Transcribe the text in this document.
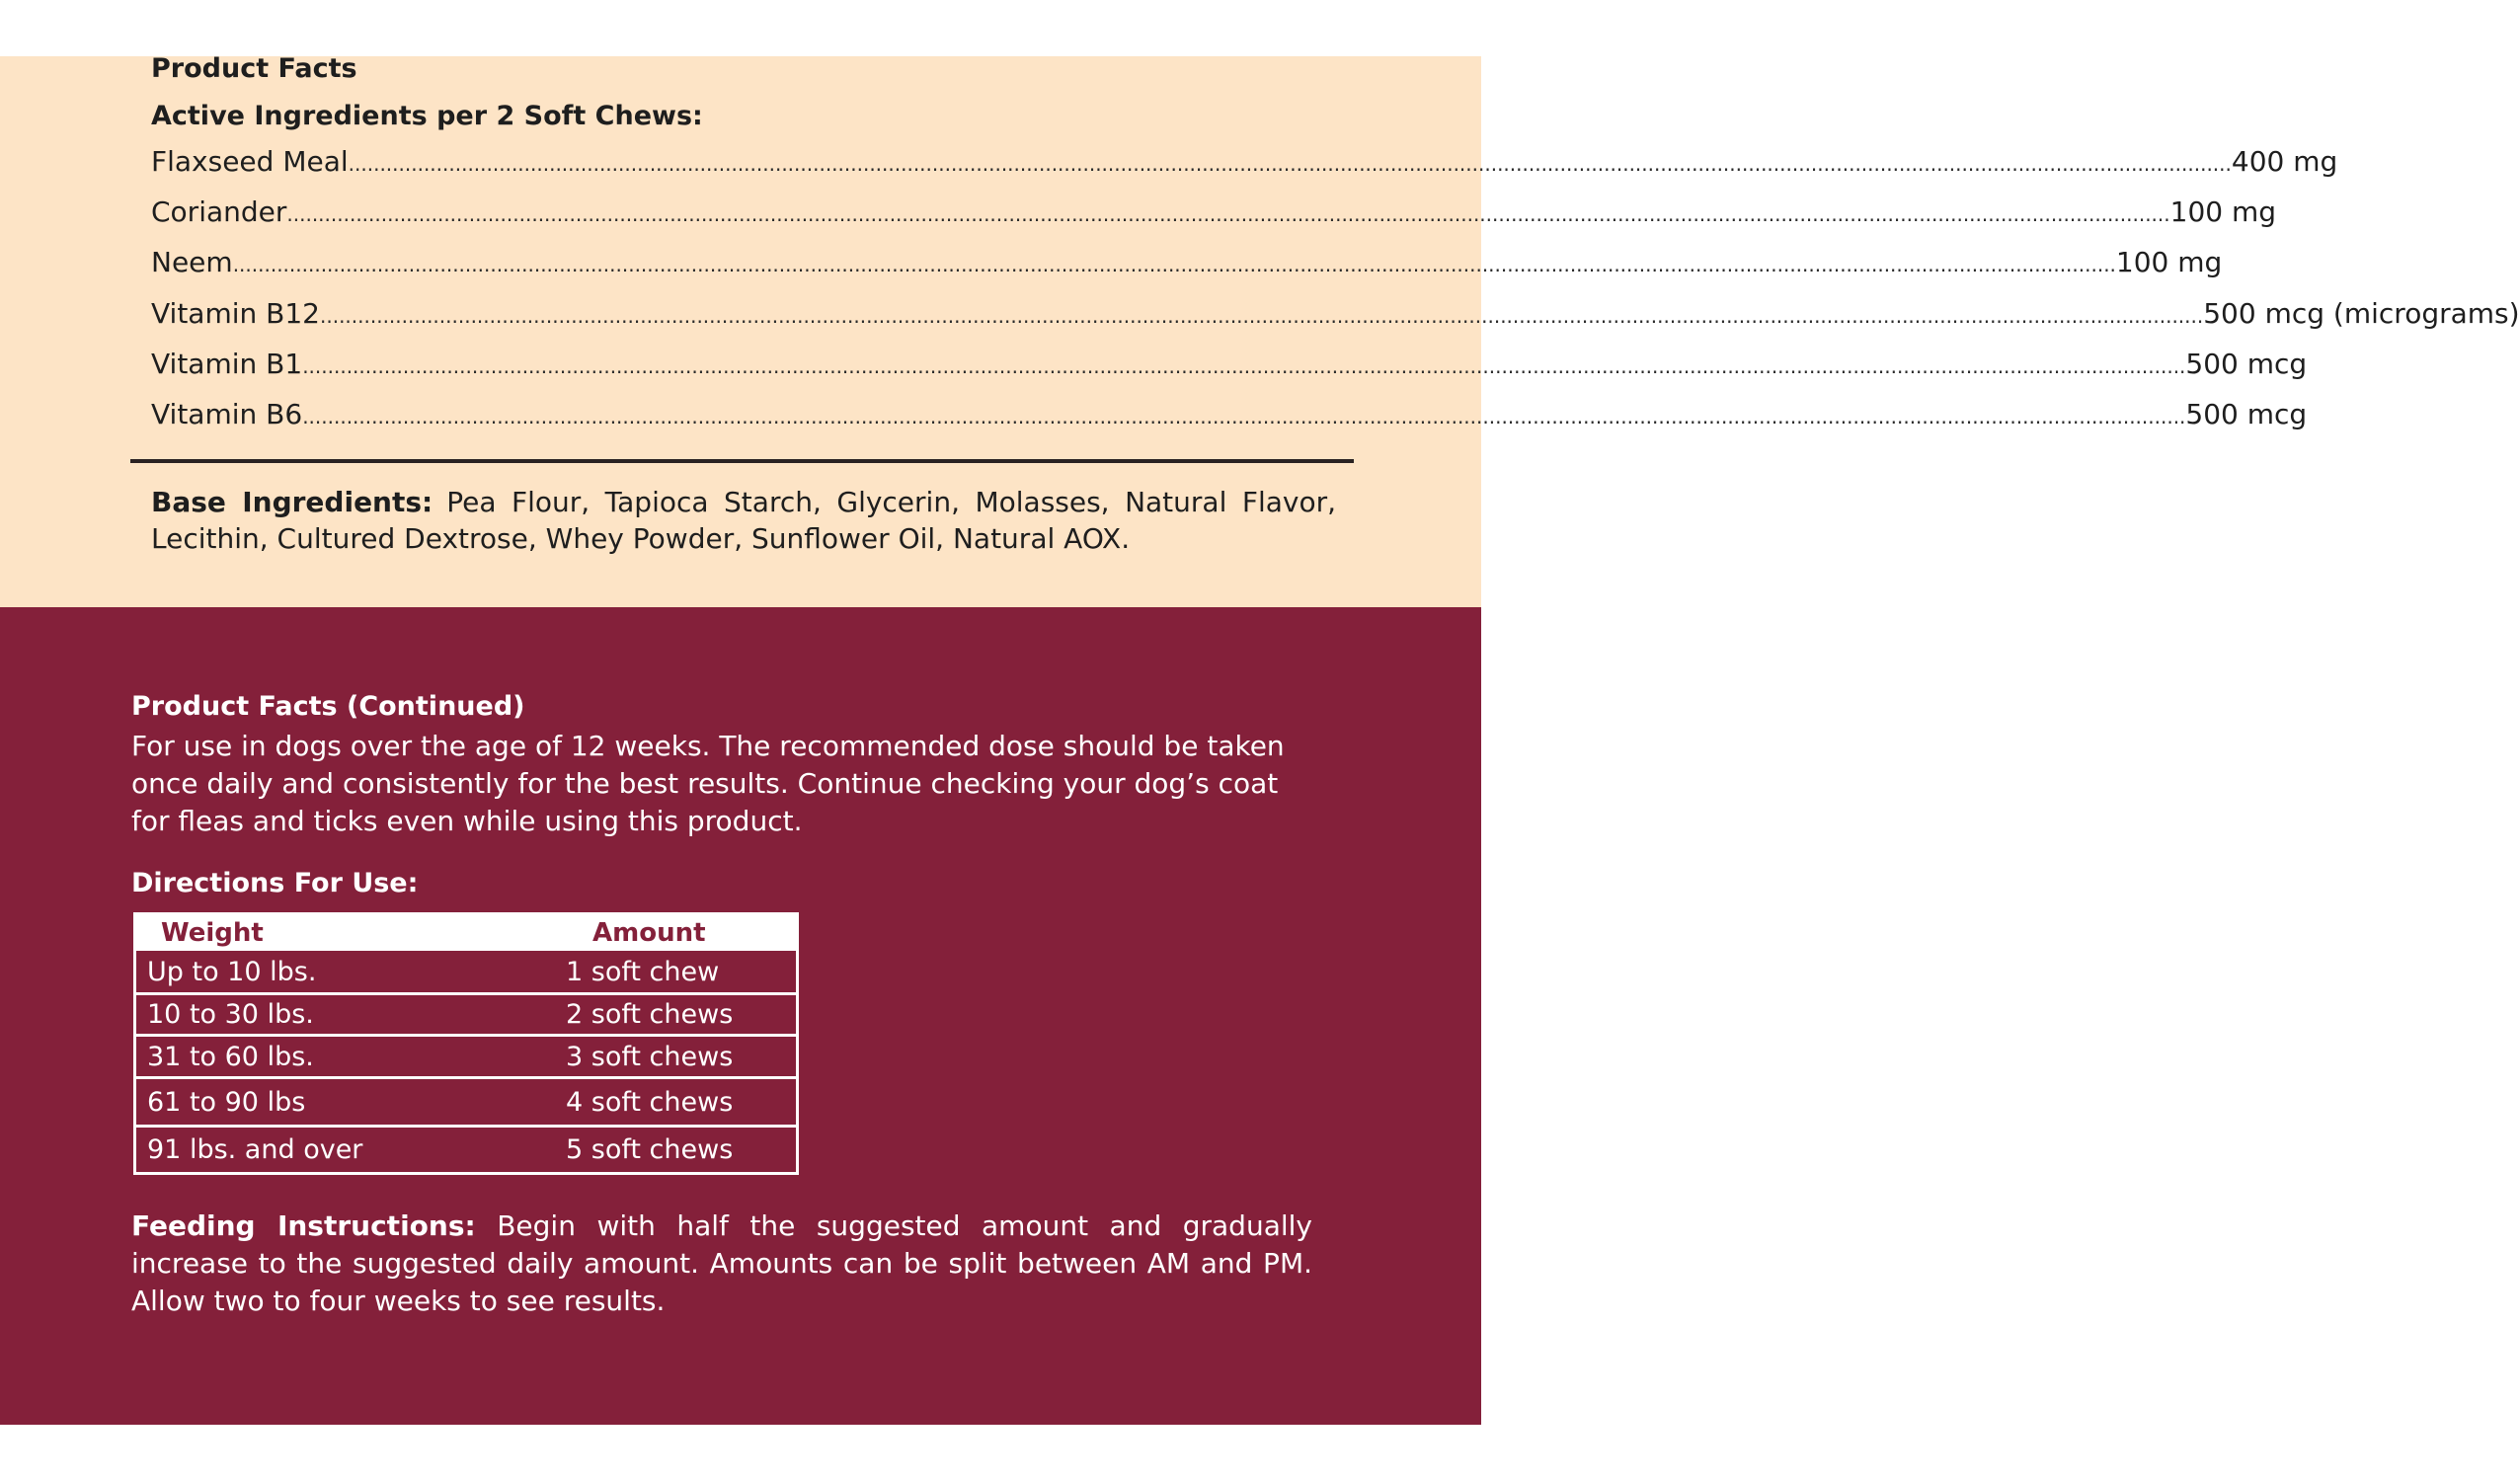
Product Facts
Active Ingredients per 2 Soft Chews:
Flaxseed Meal ............................................................................................................................................................................................................................................................................................................ 400 mg
Coriander ............................................................................................................................................................................................................................................................................................................ 100 mg
Neem ............................................................................................................................................................................................................................................................................................................ 100 mg
Vitamin B12 ............................................................................................................................................................................................................................................................................................................ 500 mcg (micrograms)
Vitamin B1 ............................................................................................................................................................................................................................................................................................................ 500 mcg
Vitamin B6 ............................................................................................................................................................................................................................................................................................................ 500 mcg
Base Ingredients: Pea Flour, Tapioca Starch, Glycerin, Molasses, Natural Flavor, Lecithin, Cultured Dextrose, Whey Powder, Sunflower Oil, Natural AOX.
Product Facts (Continued)
For use in dogs over the age of 12 weeks. The recommended dose should be taken once daily and consistently for the best results. Continue checking your dog’s coat for fleas and ticks even while using this product.
Directions For Use:
Weight	Amount
Up to 10 lbs.	1 soft chew
10 to 30 lbs.	2 soft chews
31 to 60 lbs.	3 soft chews
61 to 90 lbs	4 soft chews
91 lbs. and over	5 soft chews
Feeding Instructions: Begin with half the suggested amount and gradually increase to the suggested daily amount. Amounts can be split between AM and PM. Allow two to four weeks to see results.
